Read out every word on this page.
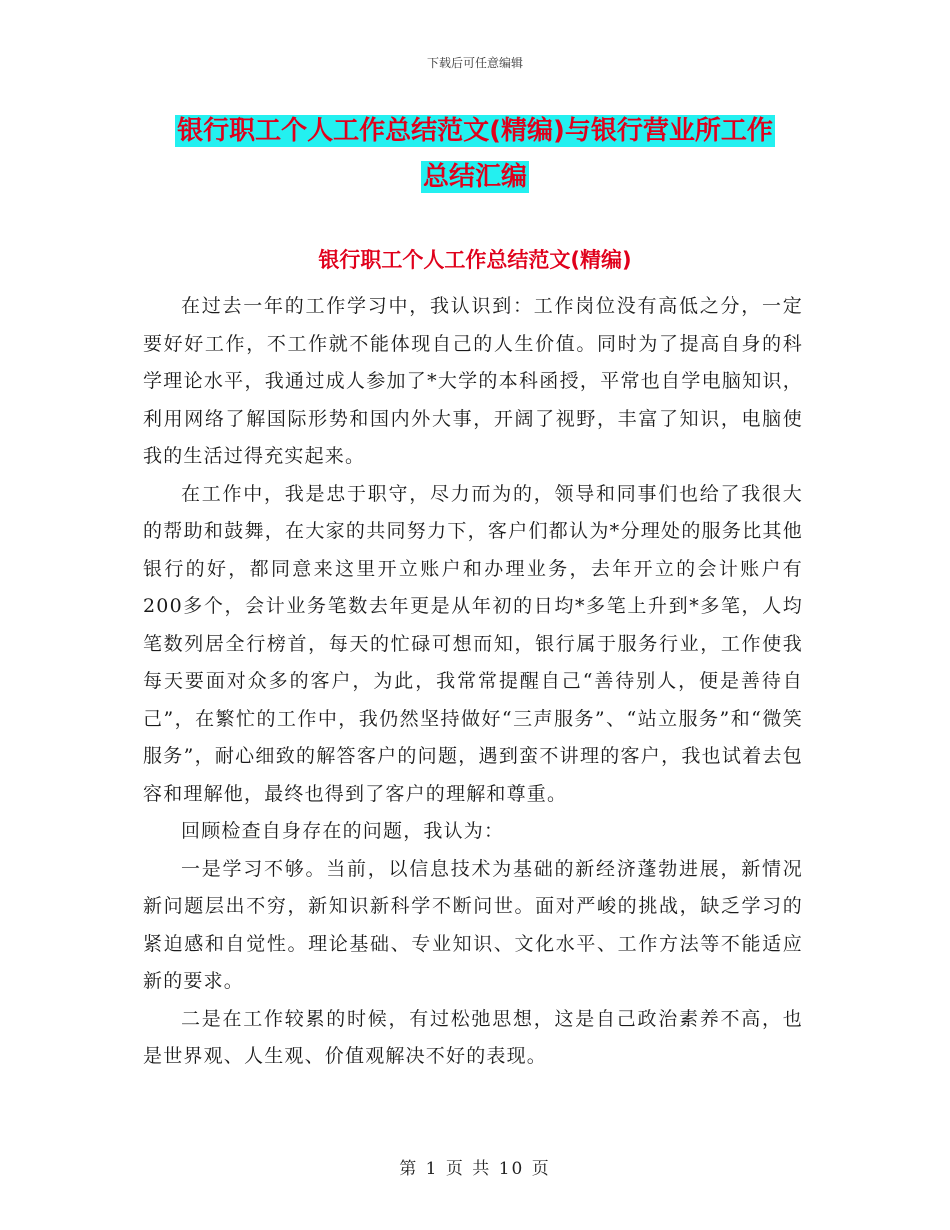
下载后可任意编辑
银行职工个人工作总结范文(精编)与银行营业所工作
总结汇编
银行职工个人工作总结范文(精编)

在过去一年的工作学习中，我认识到：工作岗位没有高低之分，一定要好好工作，不工作就不能体现自己的人生价值。同时为了提高自身的科学理论水平，我通过成人参加了*大学的本科函授，平常也自学电脑知识，利用网络了解国际形势和国内外大事，开阔了视野，丰富了知识，电脑使我的生活过得充实起来。

在工作中，我是忠于职守，尽力而为的，领导和同事们也给了我很大的帮助和鼓舞，在大家的共同努力下，客户们都认为*分理处的服务比其他银行的好，都同意来这里开立账户和办理业务，去年开立的会计账户有200多个，会计业务笔数去年更是从年初的日均*多笔上升到*多笔，人均笔数列居全行榜首，每天的忙碌可想而知，银行属于服务行业，工作使我每天要面对众多的客户，为此，我常常提醒自己“善待别人，便是善待自己”，在繁忙的工作中，我仍然坚持做好“三声服务”、“站立服务”和“微笑服务”，耐心细致的解答客户的问题，遇到蛮不讲理的客户，我也试着去包容和理解他，最终也得到了客户的理解和尊重。

回顾检查自身存在的问题，我认为：

一是学习不够。当前，以信息技术为基础的新经济蓬勃进展，新情况新问题层出不穷，新知识新科学不断问世。面对严峻的挑战，缺乏学习的紧迫感和自觉性。理论基础、专业知识、文化水平、工作方法等不能适应新的要求。

二是在工作较累的时候，有过松弛思想，这是自己政治素养不高，也是世界观、人生观、价值观解决不好的表现。

第 1 页 共 10 页
